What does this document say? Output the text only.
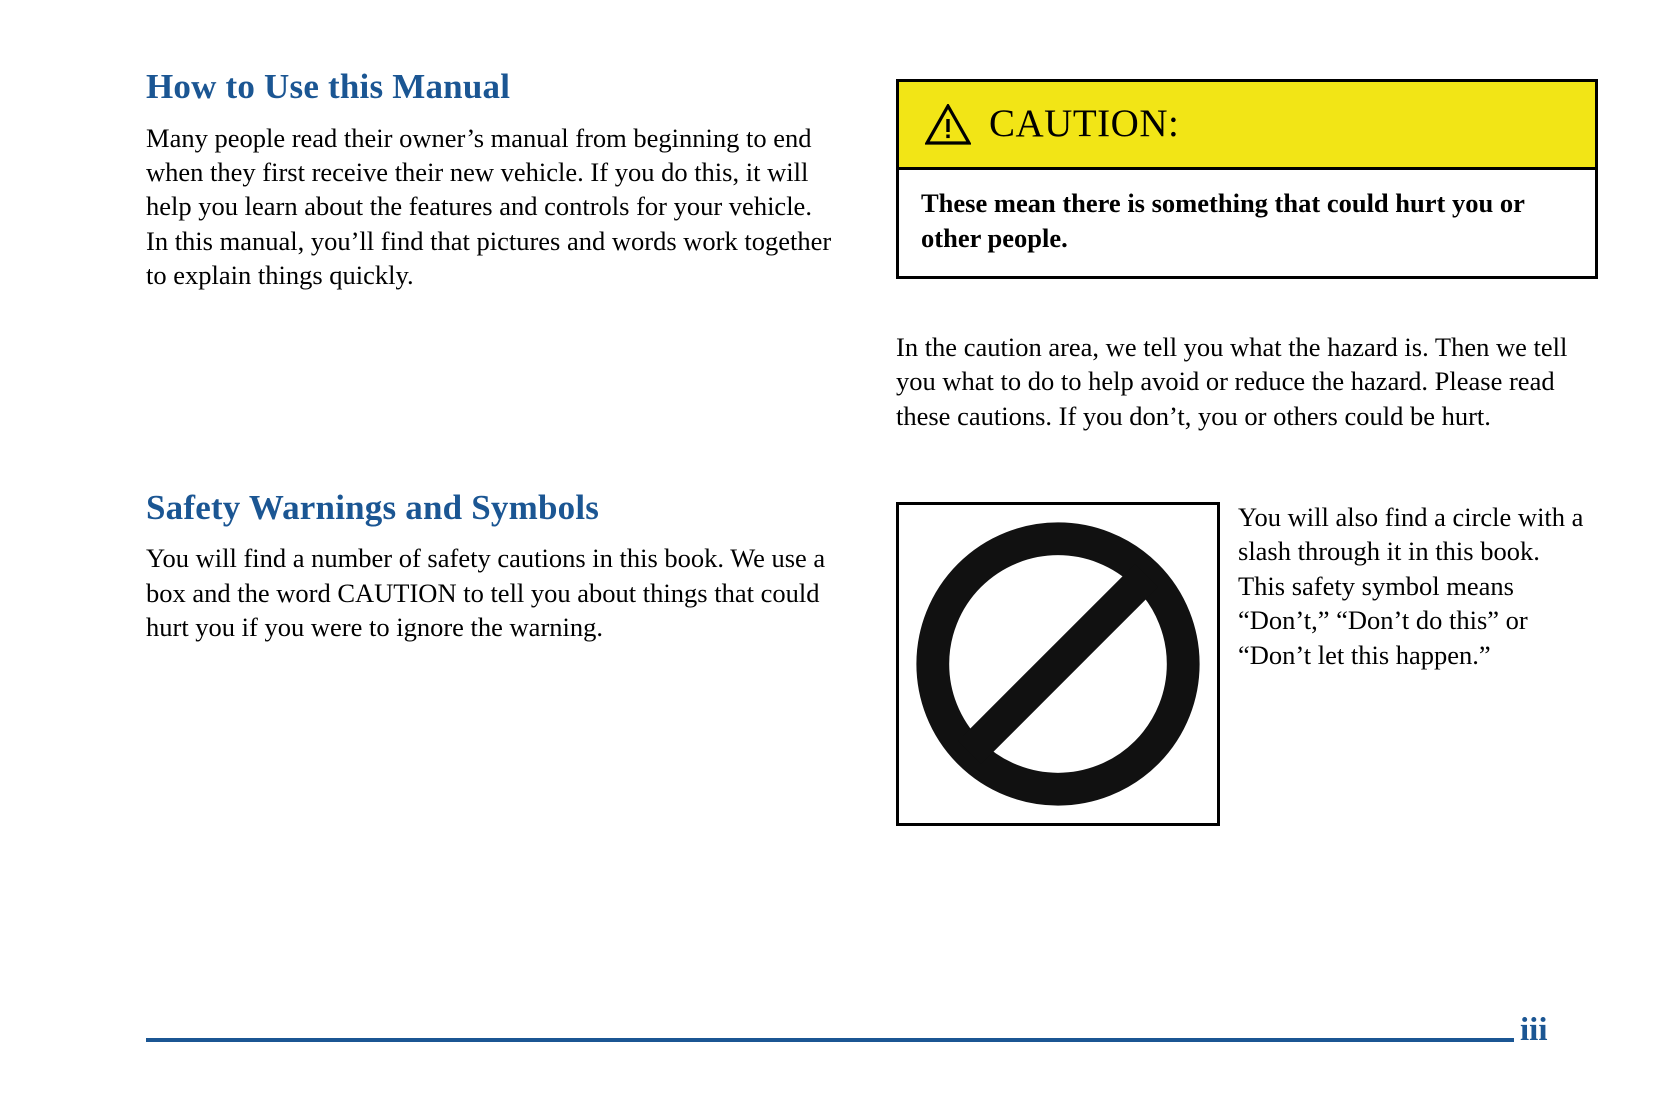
How to Use this Manual

Many people read their owner’s manual from beginning to end when they first receive their new vehicle. If you do this, it will help you learn about the features and controls for your vehicle. In this manual, you’ll find that pictures and words work together to explain things quickly.

Safety Warnings and Symbols

You will find a number of safety cautions in this book. We use a box and the word CAUTION to tell you about things that could hurt you if you were to ignore the warning.

CAUTION:

These mean there is something that could hurt you or other people.

In the caution area, we tell you what the hazard is. Then we tell you what to do to help avoid or reduce the hazard. Please read these cautions. If you don’t, you or others could be hurt.

You will also find a circle with a slash through it in this book. This safety symbol means “Don’t,” “Don’t do this” or “Don’t let this happen.”

iii
